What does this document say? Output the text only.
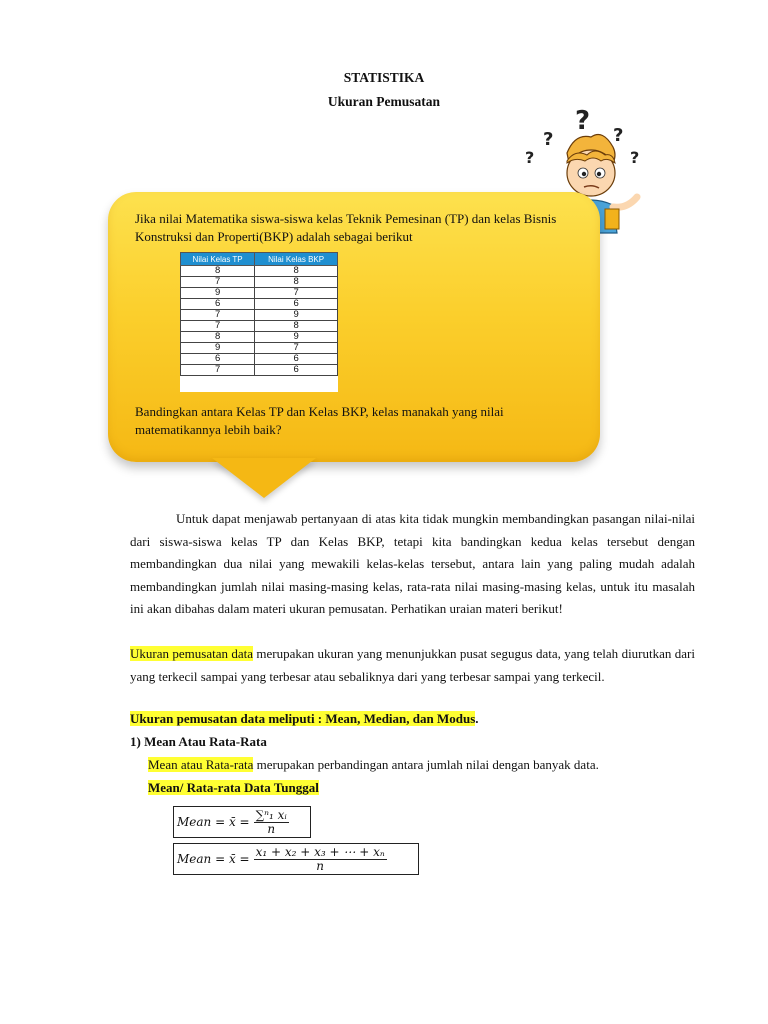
STATISTIKA
Ukuran Pemusatan
?
? ?
?	?
Jika nilai Matematika siswa-siswa kelas Teknik Pemesinan (TP) dan kelas Bisnis Konstruksi dan Properti(BKP) adalah sebagai berikut
Nilai Kelas TP	Nilai Kelas BKP
8	8
7	8
9	7
6	6
7	9
7	8
8	9
9	7
6	6
7	6
Bandingkan antara Kelas TP dan Kelas BKP, kelas manakah yang nilai matematikannya lebih baik?
Untuk dapat menjawab pertanyaan di atas kita tidak mungkin membandingkan pasangan nilai-nilai dari siswa-siswa kelas TP dan Kelas BKP, tetapi kita bandingkan kedua kelas tersebut dengan membandingkan dua nilai yang mewakili kelas-kelas tersebut, antara lain yang paling mudah adalah membandingkan jumlah nilai masing-masing kelas, rata-rata nilai masing-masing kelas, untuk itu masalah ini akan dibahas dalam materi ukuran pemusatan. Perhatikan uraian materi berikut!
Ukuran pemusatan data merupakan ukuran yang menunjukkan pusat segugus data, yang telah diurutkan dari yang terkecil sampai yang terbesar atau sebaliknya dari yang terbesar sampai yang terkecil.
Ukuran pemusatan data meliputi : Mean, Median, dan Modus.
1) Mean Atau Rata-Rata
Mean atau Rata-rata merupakan perbandingan antara jumlah nilai dengan banyak data.
Mean/ Rata-rata Data Tunggal
Mean = x̄ = $\frac{\text{∑ⁿ₁ xᵢ}}{n}$
Mean = x̄ = $\frac{\text{x₁ + x₂ + x₃ + ⋯ + xₙ}}{n}$
